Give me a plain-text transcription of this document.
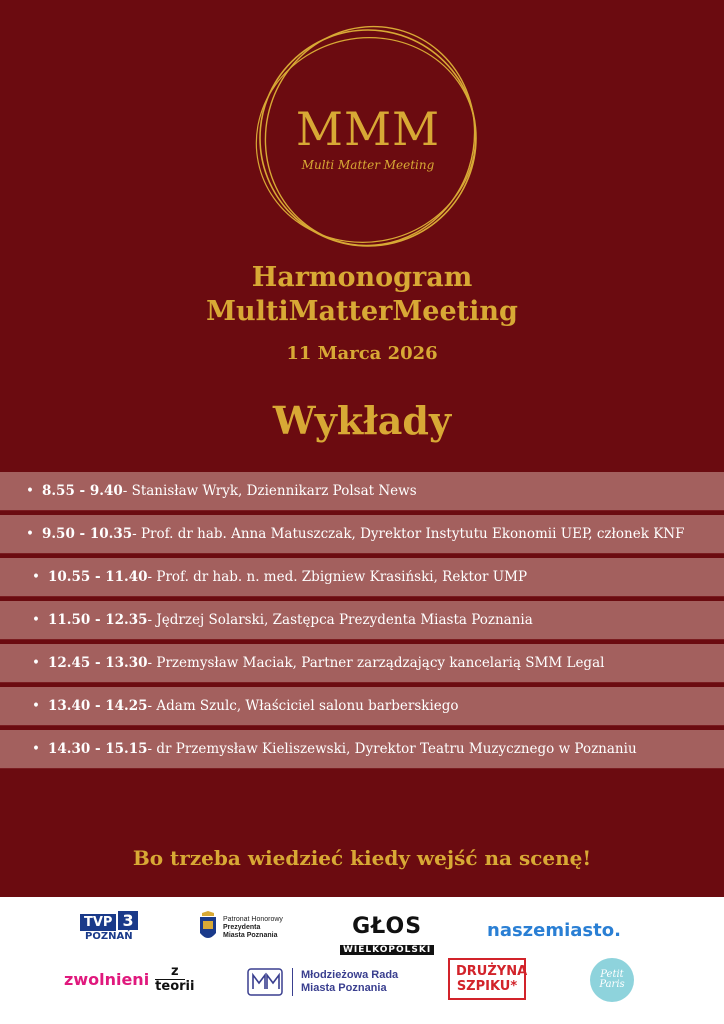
MMM
Multi Matter Meeting
Harmonogram
MultiMatterMeeting
11 Marca 2026
Wykłady
• 8.55 - 9.40 - Stanisław Wryk, Dziennikarz Polsat News
• 9.50 - 10.35 - Prof. dr hab. Anna Matuszczak, Dyrektor Instytutu Ekonomii UEP, członek KNF
• 10.55 - 11.40 - Prof. dr hab. n. med. Zbigniew Krasiński, Rektor UMP
• 11.50 - 12.35 - Jędrzej Solarski, Zastępca Prezydenta Miasta Poznania
• 12.45 - 13.30 - Przemysław Maciak, Partner zarządzający kancelarią SMM Legal
• 13.40 - 14.25 - Adam Szulc, Właściciel salonu barberskiego
• 14.30 - 15.15 - dr Przemysław Kieliszewski, Dyrektor Teatru Muzycznego w Poznaniu
Bo trzeba wiedzieć kiedy wejść na scenę!
TVP 3
POZNAŃ
Patronat Honorowy
Prezydenta
Miasta Poznania	GŁOS
WIELKOPOLSKI
naszemiasto.
zwolnieni	z
teorii
Młodzieżowa Rada
Miasta Poznania
DRUŻYNA
SZPIKU*
Petit
Paris
